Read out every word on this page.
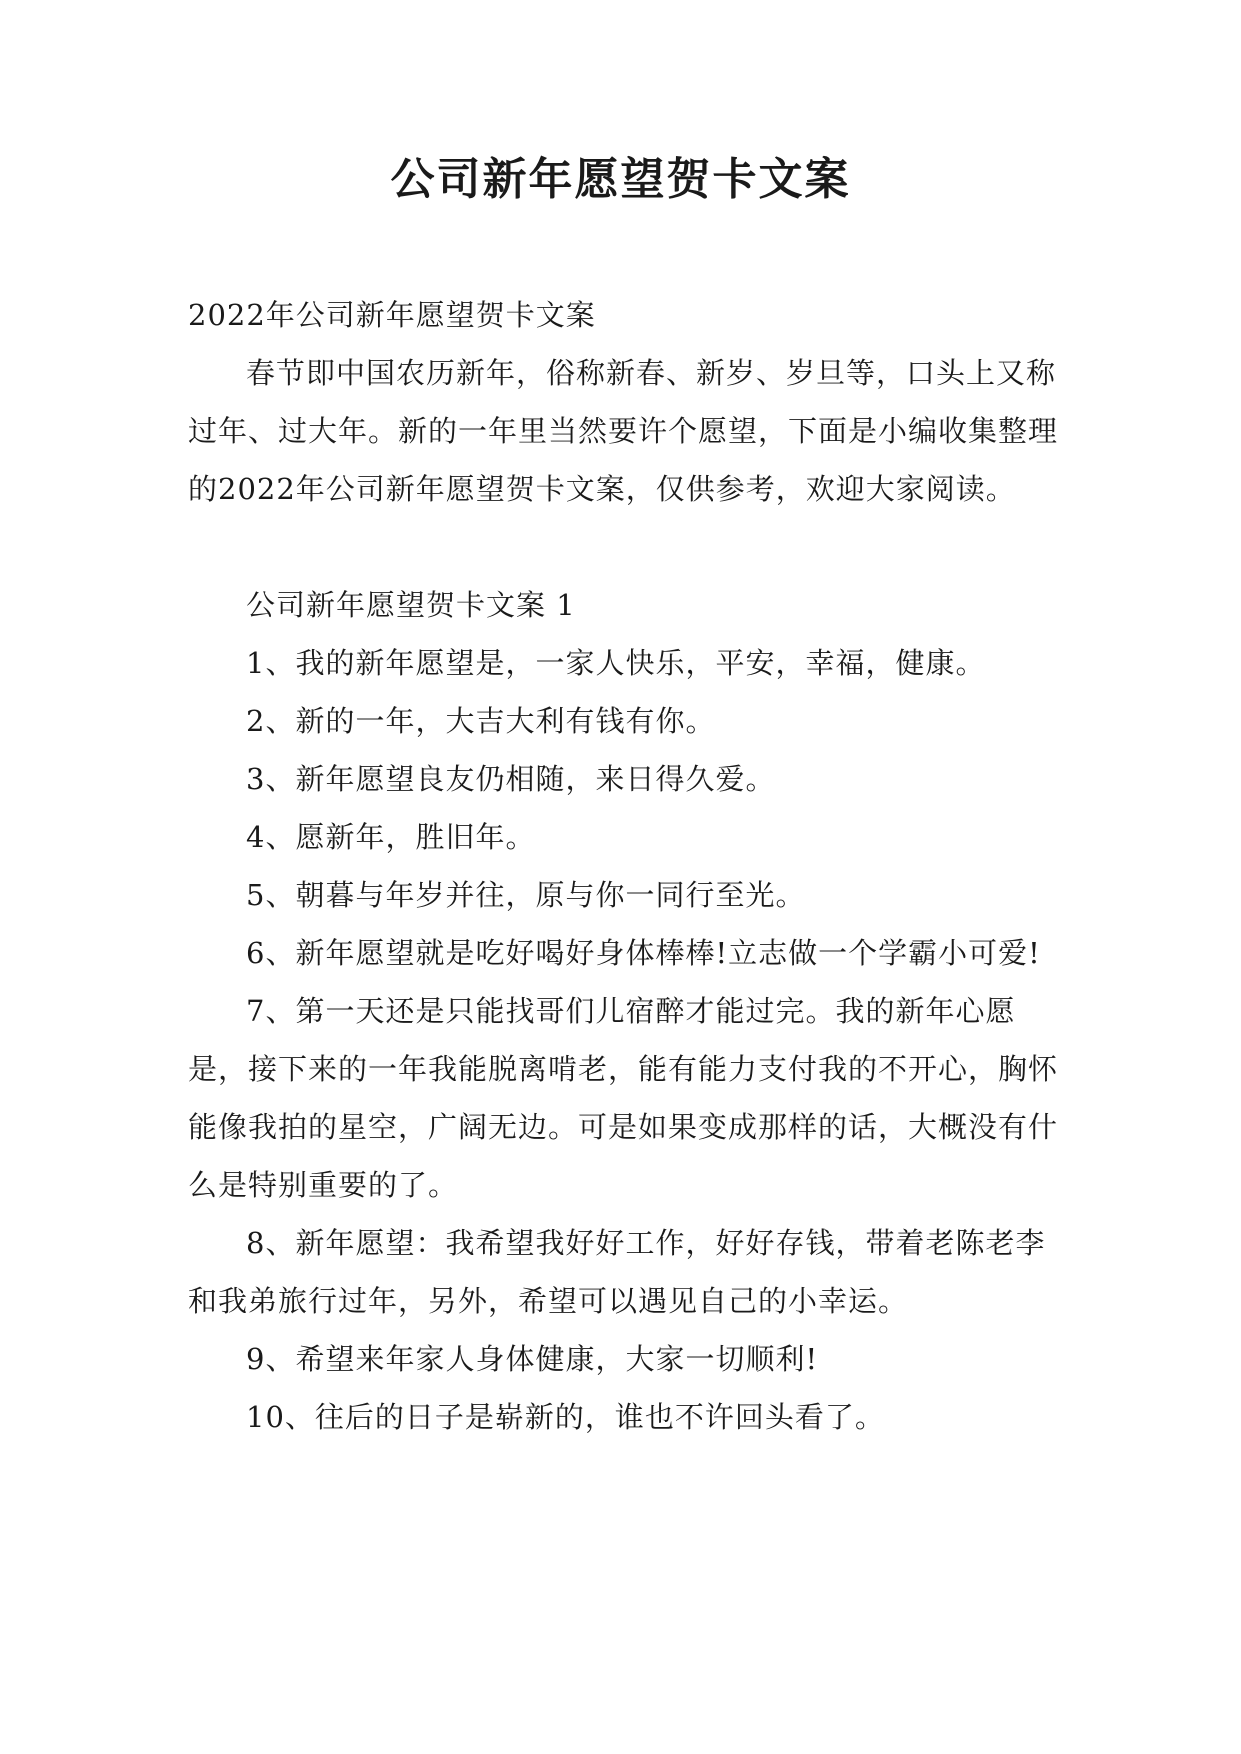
公司新年愿望贺卡文案

2022年公司新年愿望贺卡文案

春节即中国农历新年，俗称新春、新岁、岁旦等，口头上又称过年、过大年。新的一年里当然要许个愿望，下面是小编收集整理的2022年公司新年愿望贺卡文案，仅供参考，欢迎大家阅读。

公司新年愿望贺卡文案 1

1、我的新年愿望是，一家人快乐，平安，幸福，健康。

2、新的一年，大吉大利有钱有你。

3、新年愿望良友仍相随，来日得久爱。

4、愿新年，胜旧年。

5、朝暮与年岁并往，原与你一同行至光。

6、新年愿望就是吃好喝好身体棒棒!立志做一个学霸小可爱!

7、第一天还是只能找哥们儿宿醉才能过完。我的新年心愿是，接下来的一年我能脱离啃老，能有能力支付我的不开心，胸怀能像我拍的星空，广阔无边。可是如果变成那样的话，大概没有什么是特别重要的了。

8、新年愿望：我希望我好好工作，好好存钱，带着老陈老李和我弟旅行过年，另外，希望可以遇见自己的小幸运。

9、希望来年家人身体健康，大家一切顺利!

10、往后的日子是崭新的，谁也不许回头看了。
